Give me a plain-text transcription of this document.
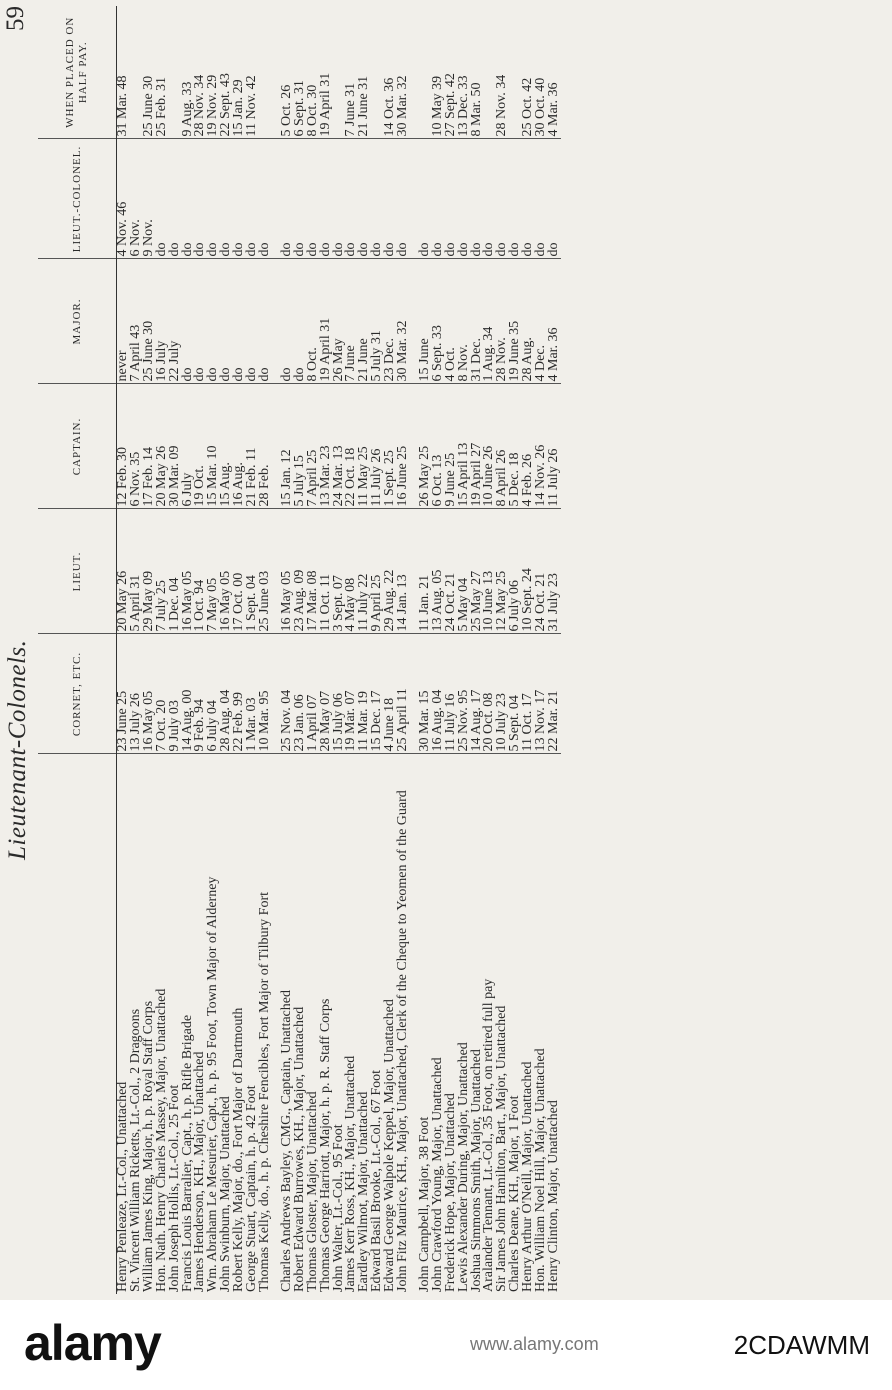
Lieutenant-Colonels.
59
	CORNET, ETC.	LIEUT.	CAPTAIN.	MAJOR.	LIEUT.-COLONEL.	WHEN PLACED ON HALF PAY.
Henry Penleaze, Lt.-Col., Unattached	23 June 25	20 May 26	12 Feb. 30	never	4 Nov. 46	31 Mar. 48
St. Vincent William Ricketts, Lt.-Col., 2 Dragoons	13 July 26	5 April 31	6 Nov. 35	7 April 43	6 Nov.	
William James King, Major, h. p. Royal Staff Corps	16 May 05	29 May 09	17 Feb. 14	25 June 30	9 Nov.	25 June 30
Hon. Nath. Henry Charles Massey, Major, Unattached	7 Oct. 20	7 July 25	20 May 26	16 July	do	25 Feb. 31
John Joseph Hollis, Lt.-Col., 25 Foot	9 July 03	1 Dec. 04	30 Mar. 09	22 July	do	
Francis Louis Barralier, Capt., h. p. Rifle Brigade	14 Aug. 00	16 May 05	6 July	do	do	9 Aug. 33
James Henderson, KH., Major, Unattached	9 Feb. 94	1 Oct. 94	19 Oct.	do	do	28 Nov. 34
Wm. Abraham Le Mesurier, Capt., h. p. 95 Foot, Town Major of Alderney	6 July 04	7 May 05	15 Mar. 10	do	do	19 Nov. 29
John Swinburn, Major, Unattached	28 Aug. 04	16 May 05	15 Aug.	do	do	22 Sept. 43
Robert Kelly, Major, do., Fort Major of Dartmouth	22 Feb. 99	17 Oct. 00	16 Aug.	do	do	15 Jan. 29
George Stuart, Captain, h. p. 42 Foot	1 Mar. 03	1 Sept. 04	21 Feb. 11	do	do	11 Nov. 42
Thomas Kelly, do., h. p. Cheshire Fencibles, Fort Major of Tilbury Fort	10 Mar. 95	25 June 03	28 Feb.	do	do	

Charles Andrews Bayley, CMG., Captain, Unattached	25 Nov. 04	16 May 05	15 Jan. 12	do	do	5 Oct. 26
Robert Edward Burrowes, KH., Major, Unattached	23 Jan. 06	23 Aug. 09	5 July 15	do	do	6 Sept. 31
Thomas Gloster, Major, Unattached	1 April 07	17 Mar. 08	7 April 25	8 Oct.	do	8 Oct. 30
Thomas George Harriott, Major, h. p. R. Staff Corps	28 May 07	11 Oct. 11	13 Mar. 23	19 April 31	do	19 April 31
John Walter, Lt.-Col., 95 Foot	15 July 06	3 Sept. 07	24 Mar. 13	26 May	do	
James Kerr Ross, KH., Major, Unattached	19 Mar. 07	4 May 08	22 Oct. 18	7 June	do	7 June 31
Eardley Wilmot, Major, Unattached	11 Mar. 19	11 July 22	11 May 25	21 June	do	21 June 31
Edward Basil Brooke, Lt.-Col., 67 Foot	15 Dec. 17	9 April 25	11 July 26	5 July 31	do	
Edward George Walpole Keppel, Major, Unattached	4 June 18	29 Aug. 22	1 Sept. 25	23 Dec.	do	14 Oct. 36
John Fitz Maurice, KH., Major, Unattached, Clerk of the Cheque to Yeomen of the Guard	25 April 11	14 Jan. 13	16 June 25	30 Mar. 32	do	30 Mar. 32

John Campbell, Major, 38 Foot	30 Mar. 15	11 Jan. 21	26 May 25	15 June	do	
John Crawford Young, Major, Unattached	16 Aug. 04	13 Aug. 05	6 Oct. 13	6 Sept. 33	do	10 May 39
Frederick Hope, Major, Unattached	11 July 16	24 Oct. 21	9 June 25	4 Oct.	do	27 Sept. 42
Lewis Alexander During, Major, Unattached	25 Nov. 95	5 May 04	15 April 13	8 Nov.	do	13 Dec. 33
Joshua Simmons Smith, Major, Unattached	14 Aug. 17	25 May 27	19 April 27	31 Dec.	do	8 Mar. 50
Aralander Tennant, Lt.-Col., 35 Foot, on retired full pay	20 Oct. 08	10 June 13	10 June 26	1 Aug. 34	do	
Sir James John Hamilton, Bart., Major, Unattached	10 July 23	12 May 25	8 April 26	28 Nov.	do	28 Nov. 34
Charles Deane, KH., Major, 1 Foot	5 Sept. 04	6 July 06	5 Dec. 18	19 June 35	do	
Henry Arthur O'Neill, Major, Unattached	11 Oct. 17	10 Sept. 24	4 Feb. 26	28 Aug.	do	25 Oct. 42
Hon. William Noel Hill, Major, Unattached	13 Nov. 17	24 Oct. 21	14 Nov. 26	4 Dec.	do	30 Oct. 40
Henry Clinton, Major, Unattached	22 Mar. 21	31 July 23	11 July 26	4 Mar. 36	do	4 Mar. 36
alamy	www.alamy.com	2CDAWMM
